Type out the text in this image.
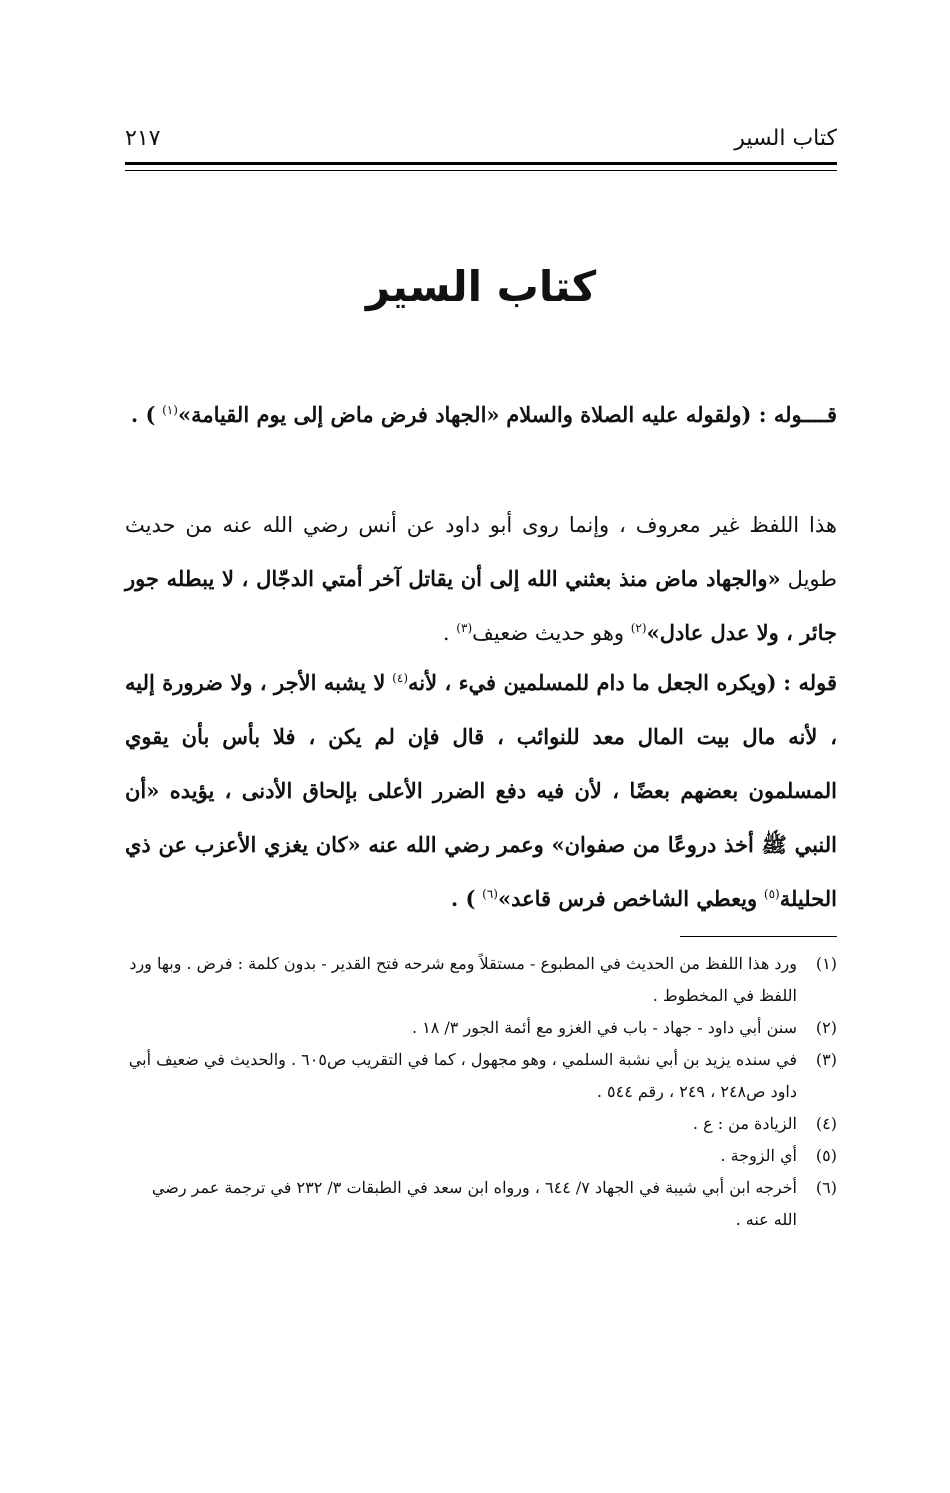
كتاب السير
٢١٧
كتاب السير

قــــوله : (ولقوله عليه الصلاة والسلام «الجهاد فرض ماض إلى يوم القيامة»$^{(١)}$ ) .

هذا اللفظ غير معروف ، وإنما روى أبو داود عن أنس رضي الله عنه من حديث طويل «والجهاد ماض منذ بعثني الله إلى أن يقاتل آخر أمتي الدجّال ، لا يبطله جور جائر ، ولا عدل عادل»$^{(٢)}$ وهو حديث ضعيف$^{(٣)}$ .

قوله : (ويكره الجعل ما دام للمسلمين فيء ، لأنه$^{(٤)}$ لا يشبه الأجر ، ولا ضرورة إليه ، لأنه مال بيت المال معد للنوائب ، قال فإن لم يكن ، فلا بأس بأن يقوي المسلمون بعضهم بعضًا ، لأن فيه دفع الضرر الأعلى بإلحاق الأدنى ، يؤيده «أن النبي ﷺ أخذ دروعًا من صفوان» وعمر رضي الله عنه «كان يغزي الأعزب عن ذي الحليلة$^{(٥)}$ ويعطي الشاخص فرس قاعد»$^{(٦)}$ ) .

(١)
ورد هذا اللفظ من الحديث في المطبوع - مستقلاً ومع شرحه فتح القدير - بدون كلمة : فرض . وبها ورد اللفظ في المخطوط .

(٢)
سنن أبي داود - جهاد - باب في الغزو مع أئمة الجور ٣/ ١٨ .

(٣)
في سنده يزيد بن أبي نشبة السلمي ، وهو مجهول ، كما في التقريب ص٦٠٥ . والحديث في ضعيف أبي داود ص٢٤٨ ، ٢٤٩ ، رقم ٥٤٤ .

(٤)
الزيادة من : ع .

(٥)
أي الزوجة .

(٦)
أخرجه ابن أبي شيبة في الجهاد ٧/ ٦٤٤ ، ورواه ابن سعد في الطبقات ٣/ ٢٣٢ في ترجمة عمر رضي الله عنه .
